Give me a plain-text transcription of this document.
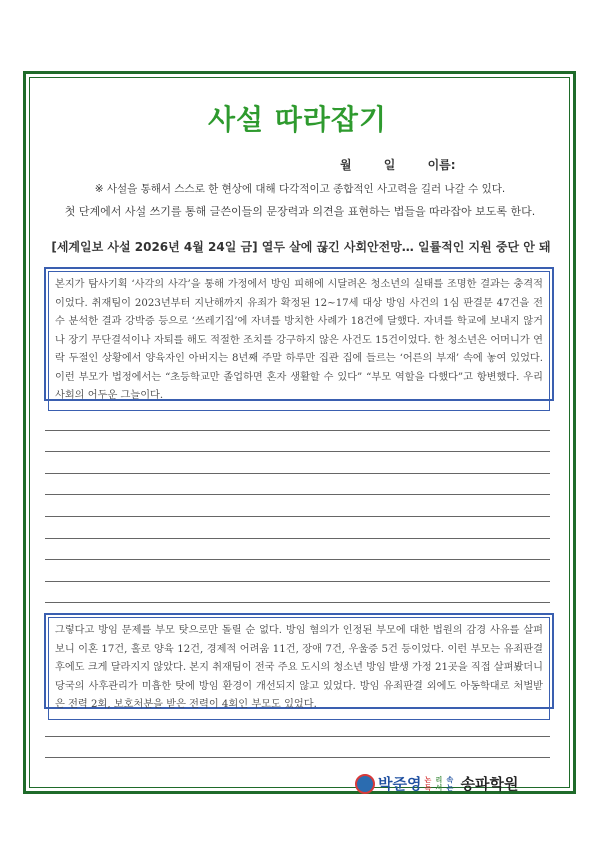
사설 따라잡기
월	일	이름:
※ 사설을 통해서 스스로 한 현상에 대해 다각적이고 종합적인 사고력을 길러 나갈 수 있다.
첫 단계에서 사설 쓰기를 통해 글쓴이들의 문장력과 의견을 표현하는 법들을 따라잡아 보도록 한다.
[세계일보 사설 2026년 4월 24일 금] 열두 살에 끊긴 사회안전망… 일률적인 지원 중단 안 돼
본지가 탐사기획 ‘사각의 사각’을 통해 가정에서 방임 피해에 시달려온 청소년의 실태를 조명한 결과는 충격적이었다. 취재팀이 2023년부터 지난해까지 유죄가 확정된 12~17세 대상 방임 사건의 1심 판결문 47건을 전수 분석한 결과 강박증 등으로 ‘쓰레기집’에 자녀를 방치한 사례가 18건에 달했다. 자녀를 학교에 보내지 않거나 장기 무단결석이나 자퇴를 해도 적절한 조치를 강구하지 않은 사건도 15건이었다. 한 청소년은 어머니가 연락 두절인 상황에서 양육자인 아버지는 8년째 주말 하루만 집관 집에 들르는 ‘어른의 부재’ 속에 놓여 있었다. 이런 부모가 법정에서는 “초등학교만 졸업하면 혼자 생활할 수 있다” “부모 역할을 다했다”고 항변했다. 우리 사회의 어두운 그늘이다.
그렇다고 방임 문제를 부모 탓으로만 돌릴 순 없다. 방임 혐의가 인정된 부모에 대한 법원의 감경 사유를 살펴보니 이혼 17건, 홀로 양육 12건, 경제적 어려움 11건, 장애 7건, 우울증 5건 등이었다. 이런 부모는 유죄판결 후에도 크게 달라지지 않았다. 본지 취재팀이 전국 주요 도시의 청소년 방임 발생 가정 21곳을 직접 살펴봤더니 당국의 사후관리가 미흡한 탓에 방임 환경이 개선되지 않고 있었다. 방임 유죄판결 외에도 아동학대로 처벌받은 전력 2회, 보호처분을 받은 전력이 4회인 부모도 있었다.
박준영 논 리 속
독 서 논 송파학원
